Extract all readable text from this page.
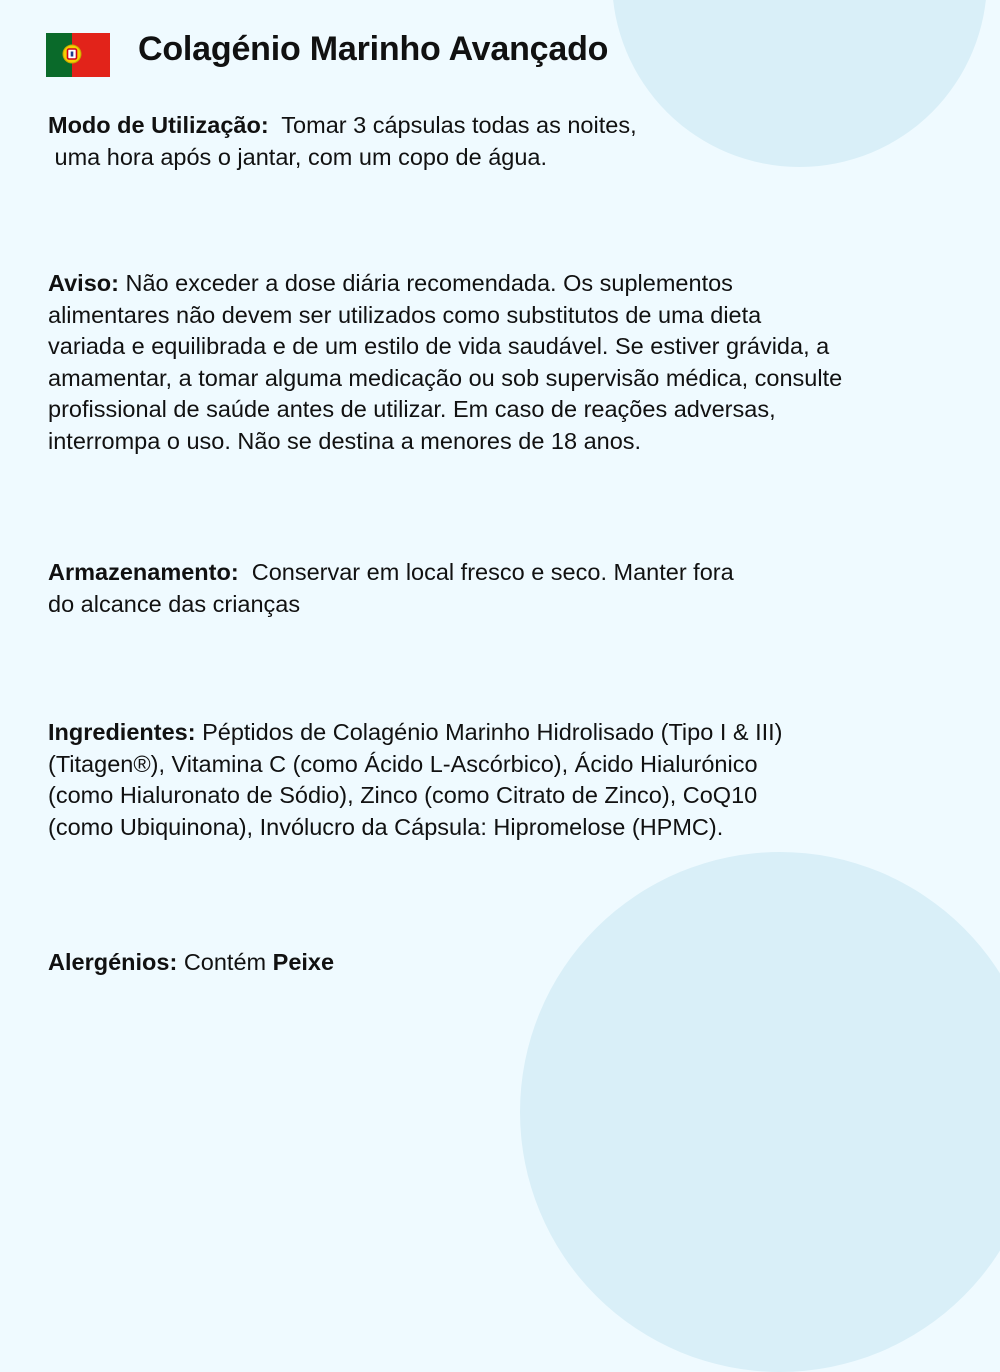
Colagénio Marinho Avançado
Modo de Utilização: Tomar 3 cápsulas todas as noites,
uma hora após o jantar, com um copo de água.
Aviso: Não exceder a dose diária recomendada. Os suplementos
alimentares não devem ser utilizados como substitutos de uma dieta
variada e equilibrada e de um estilo de vida saudável. Se estiver grávida, a
amamentar, a tomar alguma medicação ou sob supervisão médica, consulte
profissional de saúde antes de utilizar. Em caso de reações adversas,
interrompa o uso. Não se destina a menores de 18 anos.
Armazenamento: Conservar em local fresco e seco. Manter fora
do alcance das crianças
Ingredientes: Péptidos de Colagénio Marinho Hidrolisado (Tipo I & III)
(Titagen®), Vitamina C (como Ácido L-Ascórbico), Ácido Hialurónico
(como Hialuronato de Sódio), Zinco (como Citrato de Zinco), CoQ10
(como Ubiquinona), Invólucro da Cápsula: Hipromelose (HPMC).
Alergénios: Contém Peixe
